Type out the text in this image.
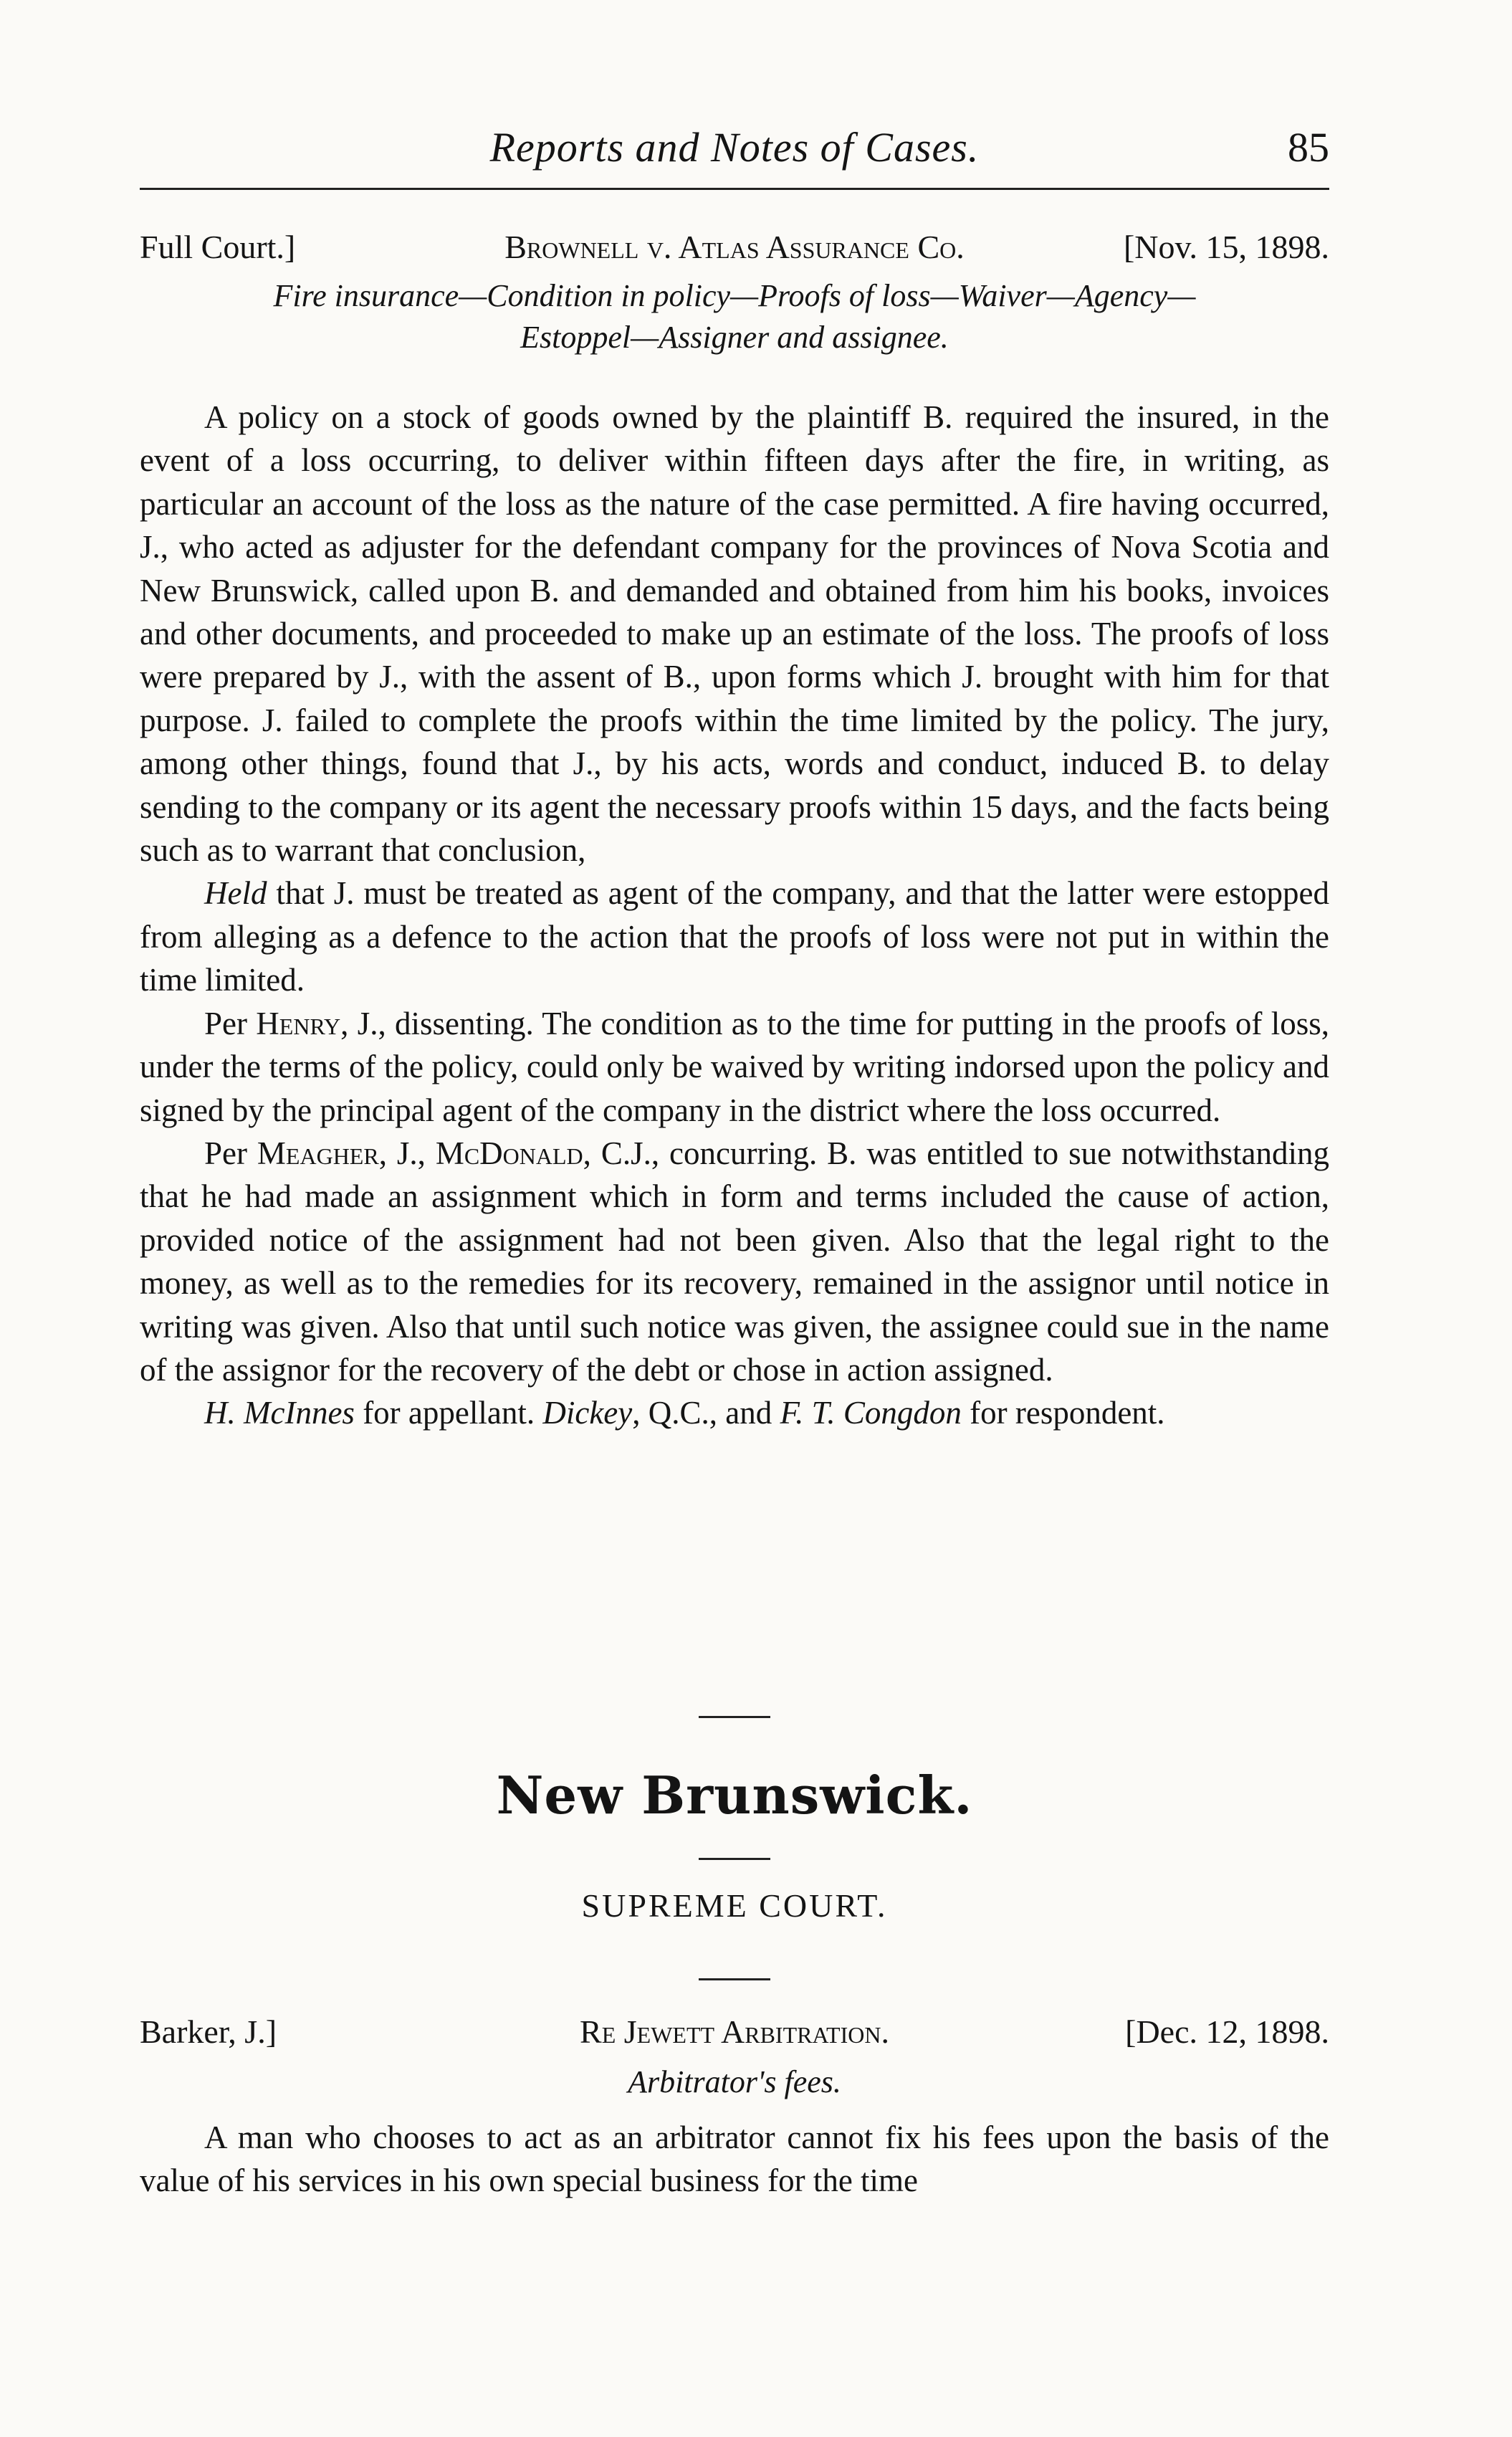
Reports and Notes of Cases.	85
Full Court.]	Brownell v. Atlas Assurance Co.	[Nov. 15, 1898.
Fire insurance—Condition in policy—Proofs of loss—Waiver—Agency—
Estoppel—Assigner and assignee.

A policy on a stock of goods owned by the plaintiff B. required the insured, in the event of a loss occurring, to deliver within fifteen days after the fire, in writing, as particular an account of the loss as the nature of the case permitted. A fire having occurred, J., who acted as adjuster for the defendant company for the provinces of Nova Scotia and New Brunswick, called upon B. and demanded and obtained from him his books, invoices and other documents, and proceeded to make up an estimate of the loss. The proofs of loss were prepared by J., with the assent of B., upon forms which J. brought with him for that purpose. J. failed to complete the proofs within the time limited by the policy. The jury, among other things, found that J., by his acts, words and conduct, induced B. to delay sending to the company or its agent the necessary proofs within 15 days, and the facts being such as to warrant that conclusion,

Held that J. must be treated as agent of the company, and that the latter were estopped from alleging as a defence to the action that the proofs of loss were not put in within the time limited.

Per Henry, J., dissenting. The condition as to the time for putting in the proofs of loss, under the terms of the policy, could only be waived by writing indorsed upon the policy and signed by the principal agent of the company in the district where the loss occurred.

Per Meagher, J., McDonald, C.J., concurring. B. was entitled to sue notwithstanding that he had made an assignment which in form and terms included the cause of action, provided notice of the assignment had not been given. Also that the legal right to the money, as well as to the remedies for its recovery, remained in the assignor until notice in writing was given. Also that until such notice was given, the assignee could sue in the name of the assignor for the recovery of the debt or chose in action assigned.

H. McInnes for appellant. Dickey, Q.C., and F. T. Congdon for respondent.

New Brunswick.
SUPREME COURT.
Barker, J.]	Re Jewett Arbitration.	[Dec. 12, 1898.
Arbitrator's fees.

A man who chooses to act as an arbitrator cannot fix his fees upon the basis of the value of his services in his own special business for the time
